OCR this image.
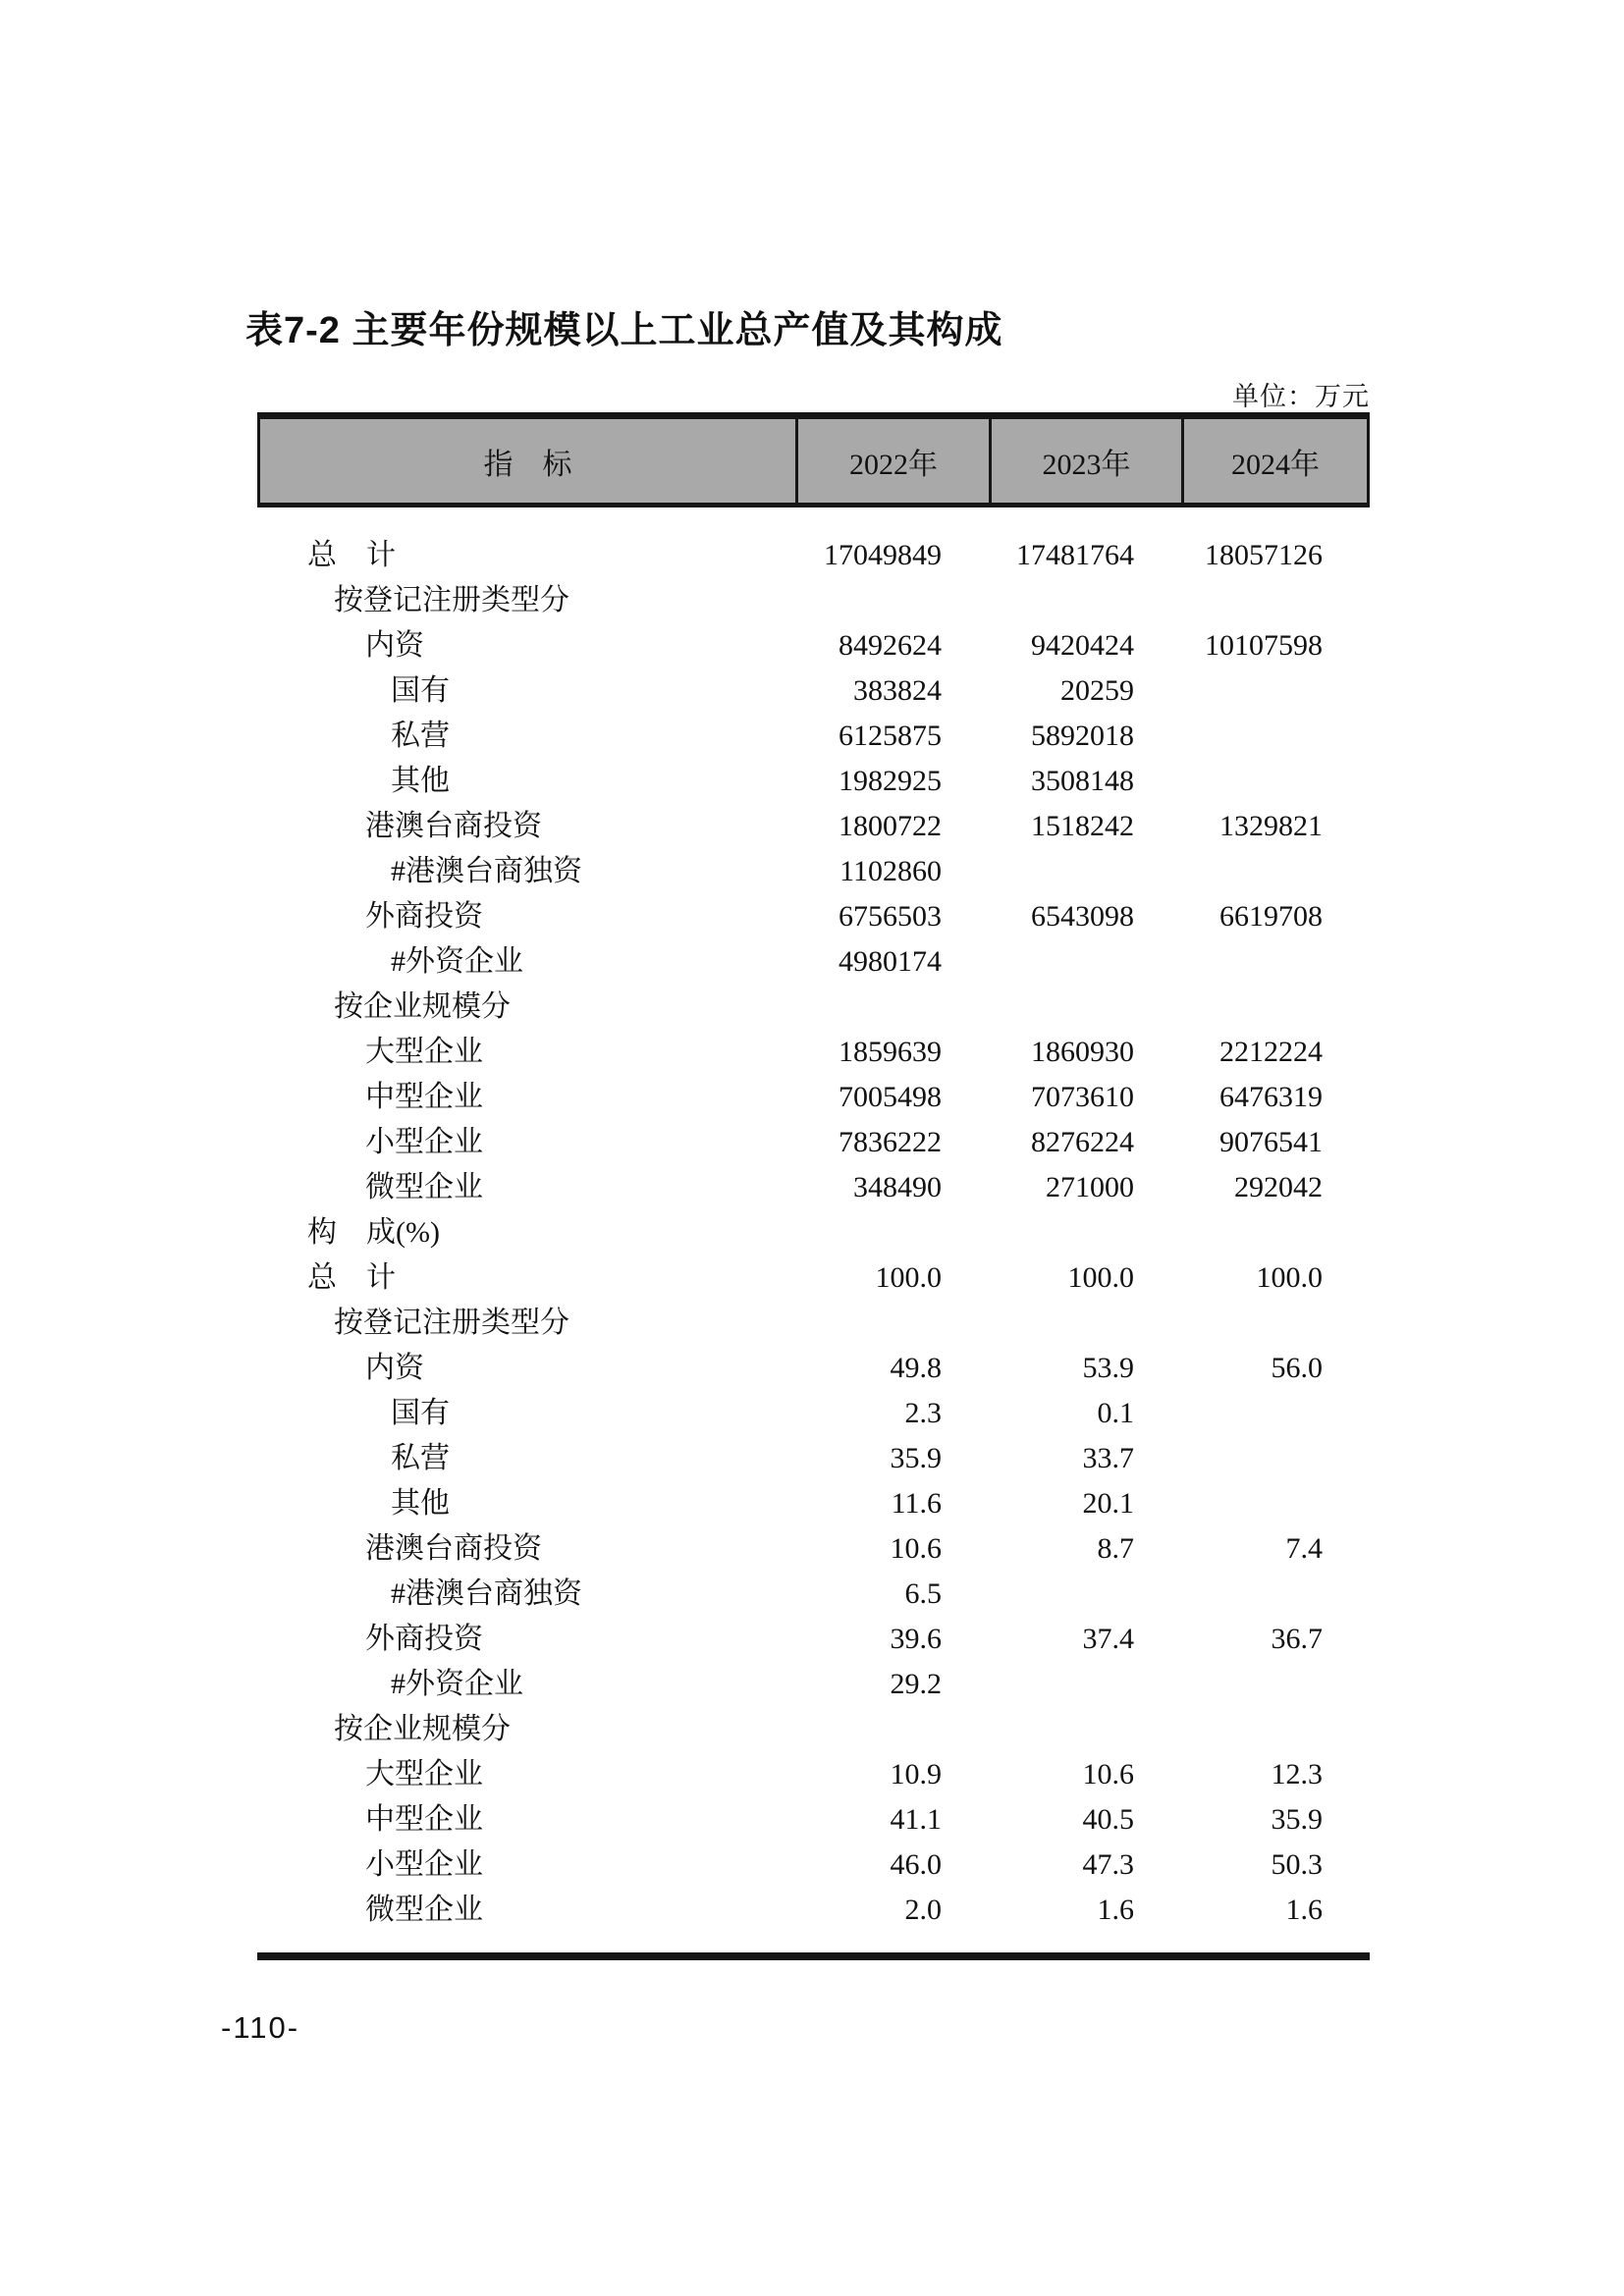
表7-2 主要年份规模以上工业总产值及其构成
单位：万元
指　标	2022年	2023年	2024年
总　计	17049849	17481764	18057126
按登记注册类型分
内资	8492624	9420424	10107598
国有	383824	20259
私营	6125875	5892018
其他	1982925	3508148
港澳台商投资	1800722	1518242	1329821
#港澳台商独资	1102860
外商投资	6756503	6543098	6619708
#外资企业	4980174
按企业规模分
大型企业	1859639	1860930	2212224
中型企业	7005498	7073610	6476319
小型企业	7836222	8276224	9076541
微型企业	348490	271000	292042
构　成(%)
总　计	100.0	100.0	100.0
按登记注册类型分
内资	49.8	53.9	56.0
国有	2.3	0.1
私营	35.9	33.7
其他	11.6	20.1
港澳台商投资	10.6	8.7	7.4
#港澳台商独资	6.5
外商投资	39.6	37.4	36.7
#外资企业	29.2
按企业规模分
大型企业	10.9	10.6	12.3
中型企业	41.1	40.5	35.9
小型企业	46.0	47.3	50.3
微型企业	2.0	1.6	1.6
-110-
